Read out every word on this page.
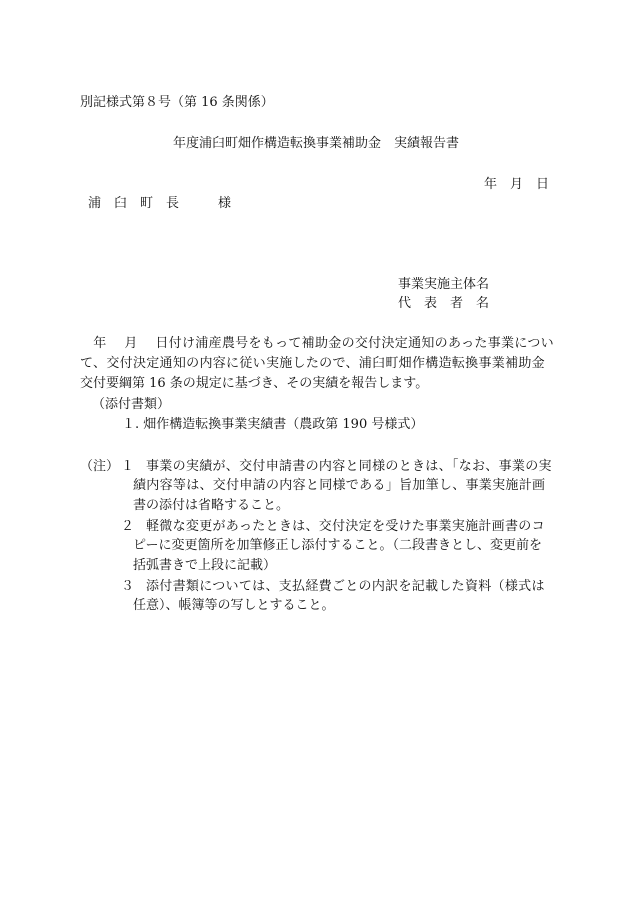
別記様式第８号（第 16 条関係）
年度浦臼町畑作構造転換事業補助金　実績報告書
年　月　日
浦　臼　町　長　　　様
事業実施主体名
代　表　者　名
　年　 月　 日付け浦産農号をもって補助金の交付決定通知のあった事業につい
て、交付決定通知の内容に従い実施したので、浦臼町畑作構造転換事業補助金
交付要綱第 16 条の規定に基づき、その実績を報告します。
（添付書類）
１. 畑作構造転換事業実績書（農政第 190 号様式）
（注） １ 事業の実績が、交付申請書の内容と同様のときは、「なお、事業の実
績内容等は、交付申請の内容と同様である」旨加筆し、事業実施計画
書の添付は省略すること。
２ 軽微な変更があったときは、交付決定を受けた事業実施計画書のコ
ピーに変更箇所を加筆修正し添付すること。（二段書きとし、変更前を
括弧書きで上段に記載）
３ 添付書類については、支払経費ごとの内訳を記載した資料（様式は
任意）、帳簿等の写しとすること。
